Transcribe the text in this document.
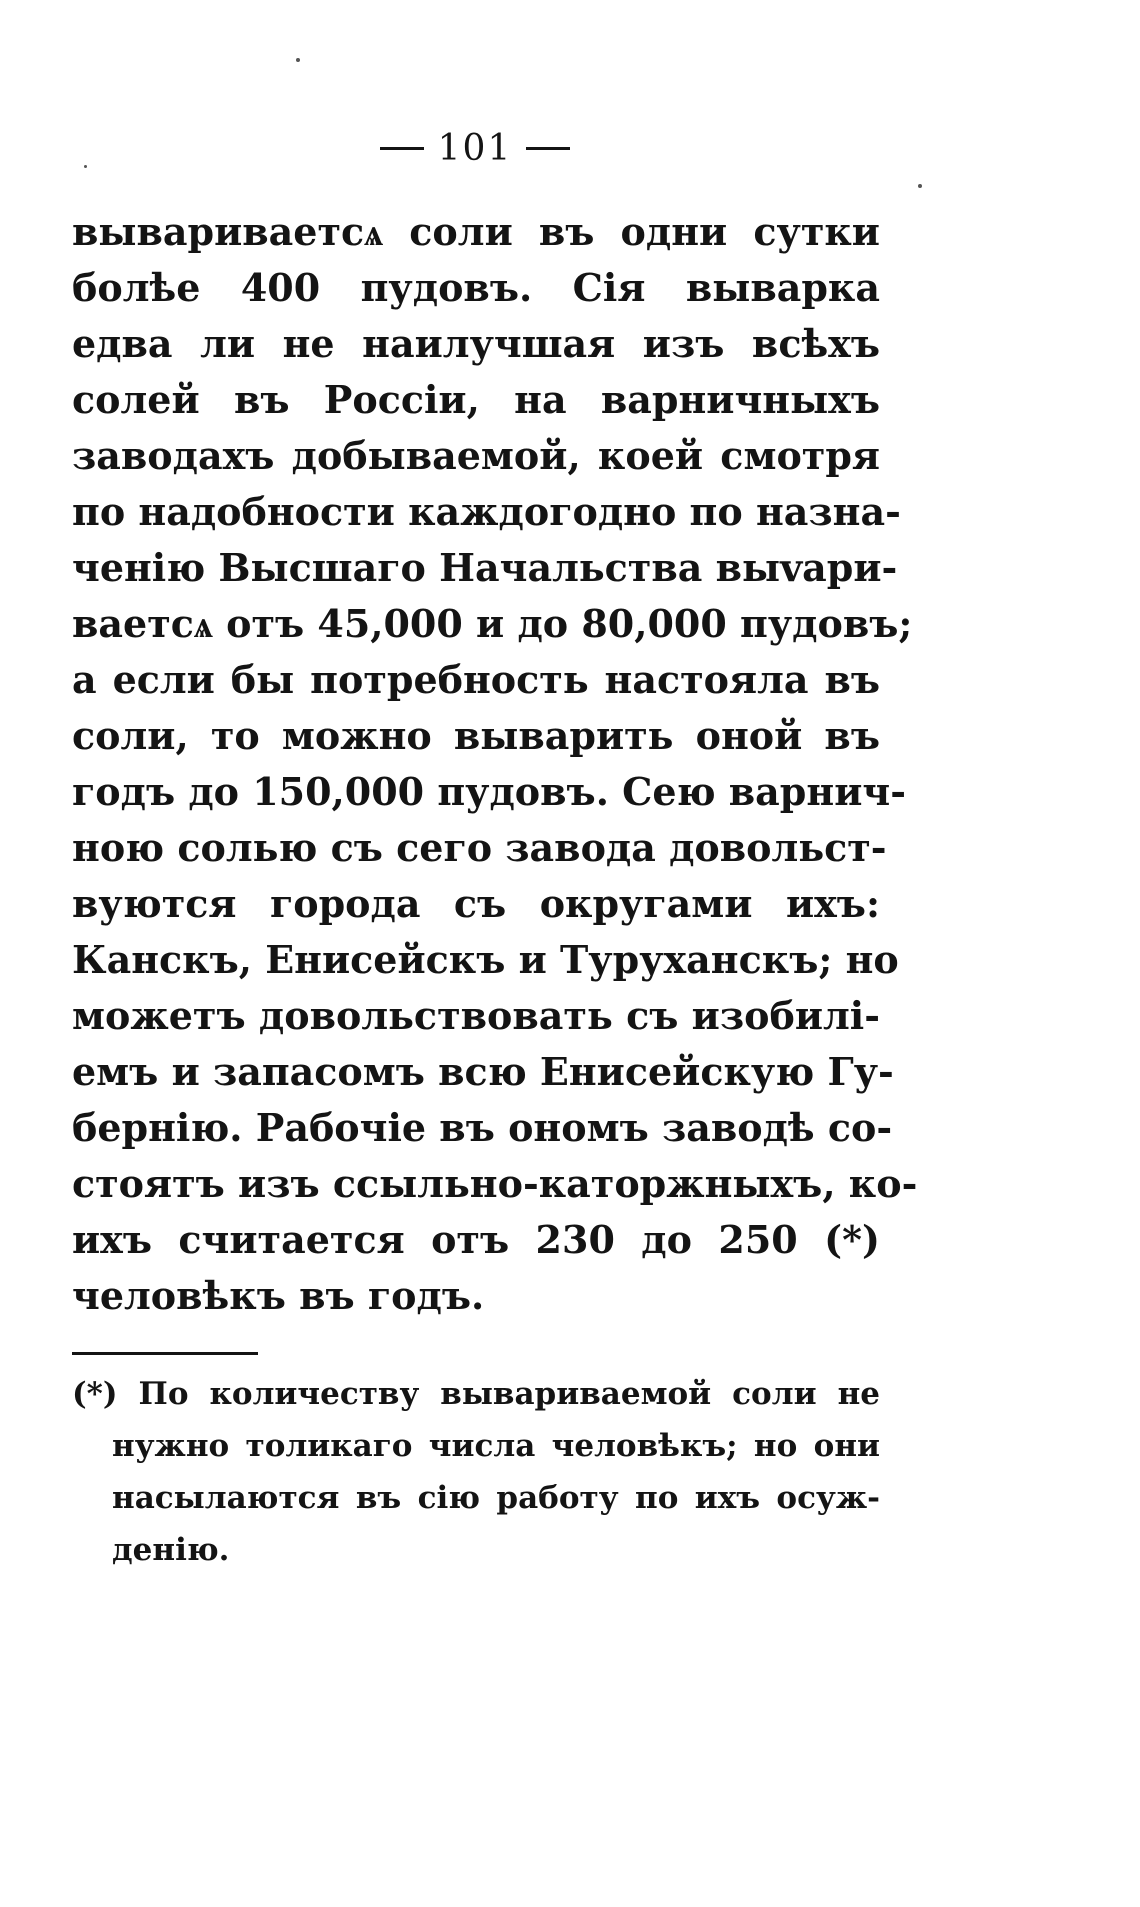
101
вывариваетсѧ соли въ одни сутки
болѣе 400 пудовъ. Сія выварка
едва ли не наилучшая изъ всѣхъ
солей въ Россіи, на варничныхъ
заводахъ добываемой, коей смотря
по надобности каждогодно по назна-
ченію Высшаго Начальства выvари-
ваетсѧ отъ 45,000 и до 80,000 пудовъ;
а если бы потребность настояла въ
соли, то можно выварить оной въ
годъ до 150,000 пудовъ. Сею варнич-
ною солью съ сего завода довольст-
вуются города съ округами ихъ:
Канскъ, Енисейскъ и Туруханскъ; но
можетъ довольствовать съ изобилі-
емъ и запасомъ всю Енисейскую Гу-
бернію. Рабочіе въ ономъ заводѣ со-
стоятъ изъ ссыльно-каторжныхъ, ко-
ихъ считается отъ 230 до 250 (*)
человѣкъ въ годъ.
(*) По количеству вывариваемой соли не
нужно толикаго числа человѣкъ; но они
насылаются въ сію работу по ихъ осуж-
денію.
